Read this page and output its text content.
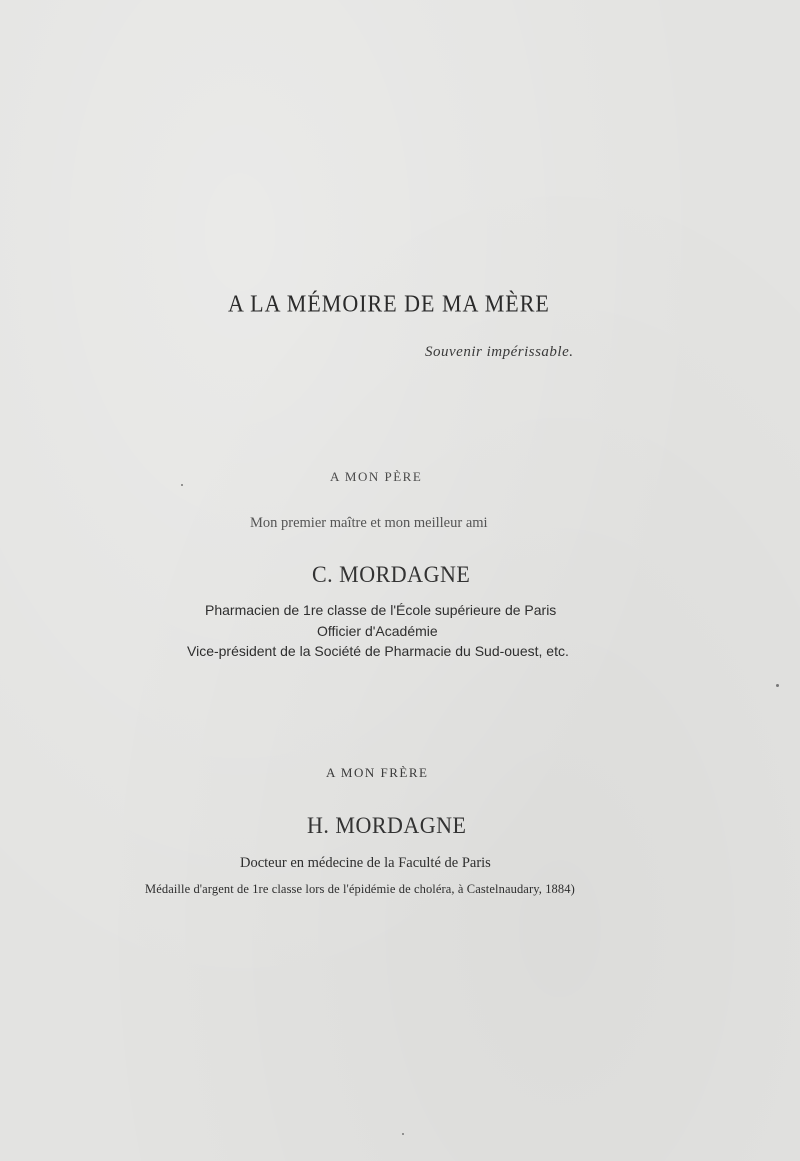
A LA MÉMOIRE DE MA MÈRE
Souvenir impérissable.
A MON PÈRE
Mon premier maître et mon meilleur ami
C. MORDAGNE
Pharmacien de 1re classe de l'École supérieure de Paris
Officier d'Académie
Vice-président de la Société de Pharmacie du Sud-ouest, etc.
A MON FRÈRE
H. MORDAGNE
Docteur en médecine de la Faculté de Paris
Médaille d'argent de 1re classe lors de l'épidémie de choléra, à Castelnaudary, 1884)
